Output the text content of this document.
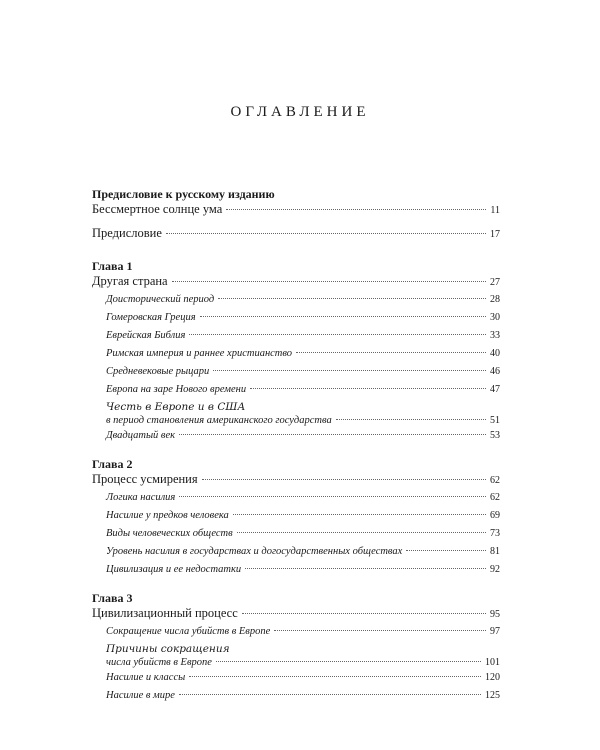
ОГЛАВЛЕНИЕ
Предисловие к русскому изданию
Бессмертное солнце ума	11
Предисловие	17
Глава 1
Другая страна	27
Доисторический период	28
Гомеровская Греция	30
Еврейская Библия	33
Римская империя и раннее христианство	40
Средневековые рыцари	46
Европа на заре Нового времени	47
Честь в Европе и в США
в период становления американского государства	51
Двадцатый век	53
Глава 2
Процесс усмирения	62
Логика насилия	62
Насилие у предков человека	69
Виды человеческих обществ	73
Уровень насилия в государствах и догосударственных обществах	81
Цивилизация и ее недостатки	92
Глава 3
Цивилизационный процесс	95
Сокращение числа убийств в Европе	97
Причины сокращения
числа убийств в Европе	101
Насилие и классы	120
Насилие в мире	125
